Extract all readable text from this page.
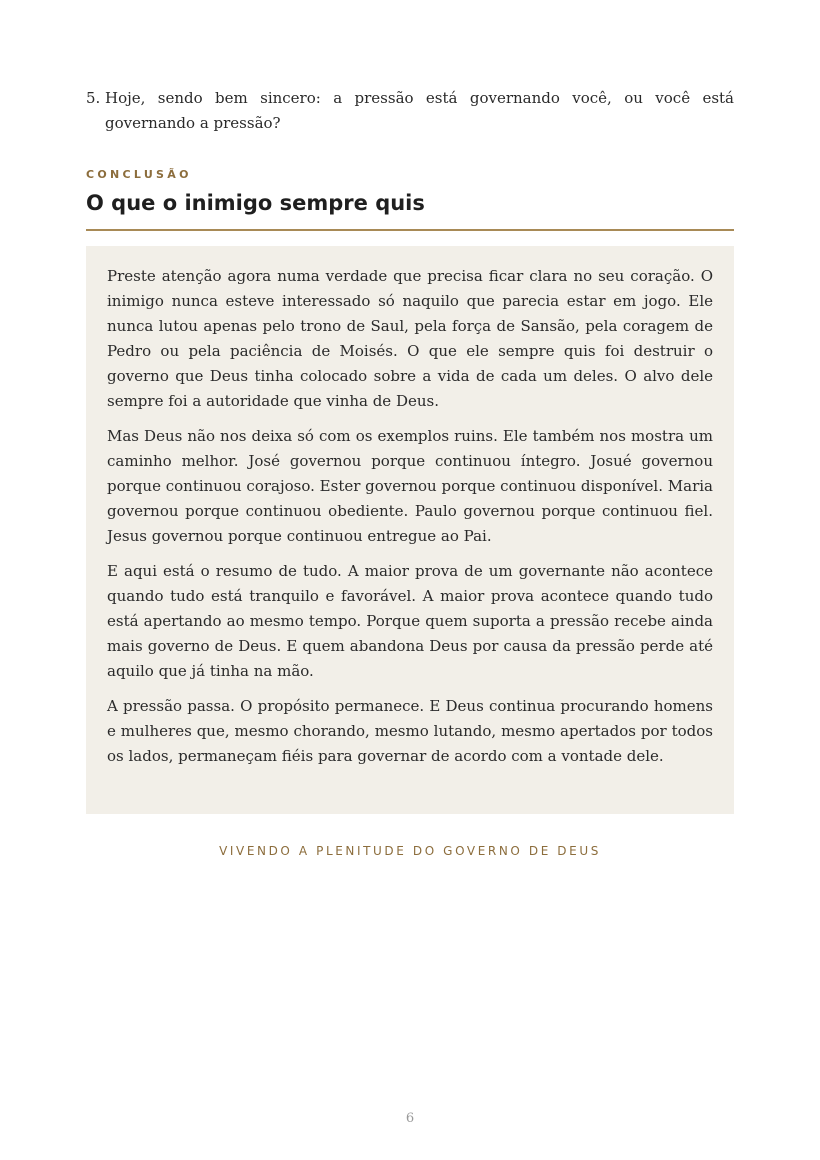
5. Hoje, sendo bem sincero: a pressão está governando você, ou você está governando a pressão?
CONCLUSÃO
O que o inimigo sempre quis

Preste atenção agora numa verdade que precisa ficar clara no seu coração. O inimigo nunca esteve interessado só naquilo que parecia estar em jogo. Ele nunca lutou apenas pelo trono de Saul, pela força de Sansão, pela coragem de Pedro ou pela paciência de Moisés. O que ele sempre quis foi destruir o governo que Deus tinha colocado sobre a vida de cada um deles. O alvo dele sempre foi a autoridade que vinha de Deus.

Mas Deus não nos deixa só com os exemplos ruins. Ele também nos mostra um caminho melhor. José governou porque continuou íntegro. Josué governou porque continuou corajoso. Ester governou porque continuou disponível. Maria governou porque continuou obediente. Paulo governou porque continuou fiel. Jesus governou porque continuou entregue ao Pai.

E aqui está o resumo de tudo. A maior prova de um governante não acontece quando tudo está tranquilo e favorável. A maior prova acontece quando tudo está apertando ao mesmo tempo. Porque quem suporta a pressão recebe ainda mais governo de Deus. E quem abandona Deus por causa da pressão perde até aquilo que já tinha na mão.

A pressão passa. O propósito permanece. E Deus continua procurando homens e mulheres que, mesmo chorando, mesmo lutando, mesmo apertados por todos os lados, permaneçam fiéis para governar de acordo com a vontade dele.

VIVENDO A PLENITUDE DO GOVERNO DE DEUS
6
